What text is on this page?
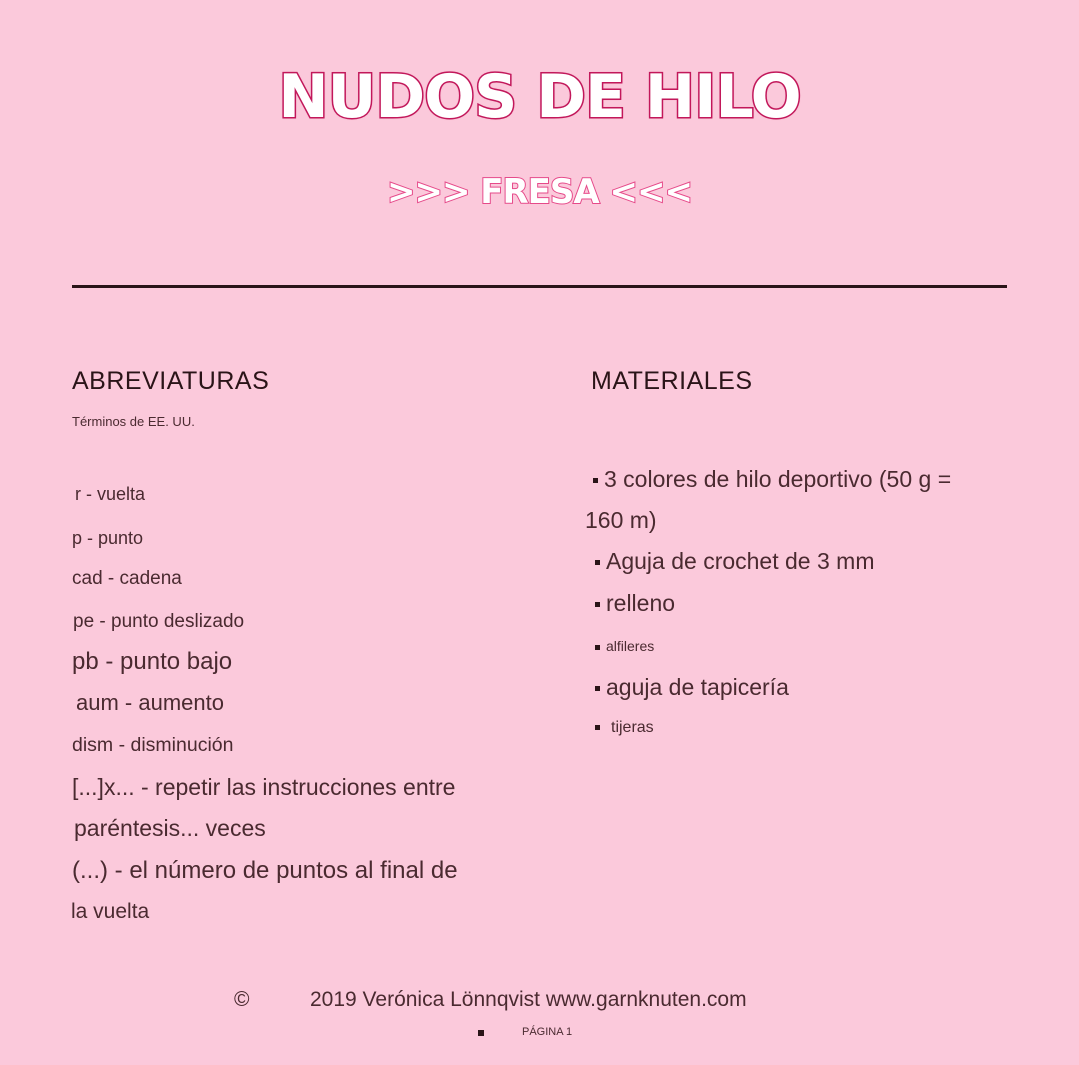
NUDOS DE HILO
>>> FRESA <<<
ABREVIATURAS
Términos de EE. UU.
r - vuelta
p - punto
cad - cadena
pe - punto deslizado
pb - punto bajo
aum - aumento
dism - disminución
[...]x... - repetir las instrucciones entre
paréntesis... veces
(...) - el número de puntos al final de
la vuelta
MATERIALES
3 colores de hilo deportivo (50 g =
160 m)
Aguja de crochet de 3 mm
relleno
alfileres
aguja de tapicería
tijeras
©	2019 Verónica Lönnqvist www.garnknuten.com
PÁGINA 1
